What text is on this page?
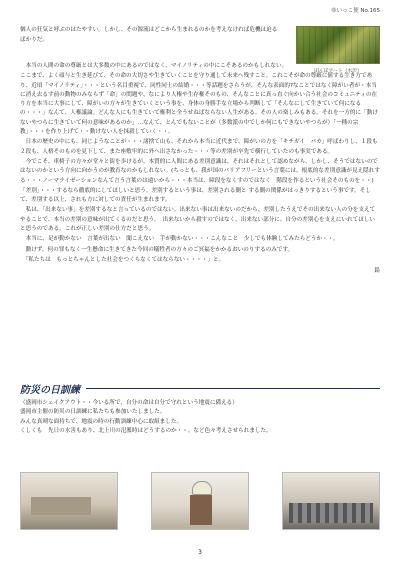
ゆいっこ便 No.165

個人の狂気と呼ぶのはたやすい。しかし、その源流はどこから生まれるのかを考えなければ危機は迫るばかりだ。

田んぼアート（水沢）

　本当の人間の命の尊厳とは大多数の中にあるのではなく、マイノリティの中にこそあるのかもしれない。

ここまで、よく頑与と生き延びて、その命の大切さや生きていくことを守り通して未来へ残すこと。これこそが命の尊厳に値する生き方であり、近頃「マイノリティ」・・・という名目重視で、同性同士の結婚・・・等話題をさらうが、そんな表面的?なことではなく障がい者が・本当に消え去るす前の動物のみならず「命」の問題や、なにより人権や生存権そのもの、そんなことに真っ直ぐ向かい合う社会のコミュニティの在り方を本当に大事にして、障がいの方々が生きていくという事を、身体の身勝手な立場から判断して「そんなにして生きていて何になるの・・・」なんて、人権議論。どんな人にも生きていて権利と全うせねばならない人生がある。その人の楽しみもある。それを一方的に「動けないやつらに生きていて何の意味があるのか」…なんて、とんでもないことが（多数派の中でしか何にもできないやつらが）「一種の宗教」・・・を作り上げて・・動けない人を抹殺していく・・。

　日本の歴史の中にも、同じようなことが・・・諸捨て山も、それから本当に近代まで、障がいの方を「キチガイ　バカ」呼ばわりし、１段も２段も、人格そのものを見下して、また座敷牢的に外へ出さなかった・・・等の差別が卒先で横行していたのも事実である。

　今でこそ、車椅子の方々が堂々と街を歩けるが、本質的に人間にある差別意識は、それはそれとして認めながら、しかし、そうではないのではないのかという方向に向かうのが教育なのかもしれない。(ちっとも、我が国のバリアフリーという言葉には、根底的な差別意識が見え隠れする・・・ノーマライゼーションなんて言う言葉のは遠いから・・・本当は、障段をなくすのではなく　階段を作るという社会そのものを・・)

「差別」・・・するなら徹底的にしてほしいと思う。差別するという事は、差別される側と する側の関係がはっきりするという事です。そして、差別する以上、されも方に対しての責任が生まれます。

　私は、「出来ない事」を差別するなと言っているのではない。出来ない事は出来ないのだから、差別したうえでその出来ない人の分を支えてやることで、本当の差別の意味が出てくるのだと思う。　出来ないから殺すのではなく、出来ない部分に、自分の差別心を支えにいれてほしいと思うのである。これが正しい差別の仕方だと思う。

　本当に、足が動かない　言葉が出ない　聞こえない　手が動かない・・・こんなこと　少しでも体験してみたらどうか・・。

　動けず、何の罪もなく一生懸命に生きてきた今回の犠牲者の方々のご冥福をかかるおいのりするのみです。

　「私たちは　もっとちゃんとした社会をつくらなくてはならない・・・・」と。

鉛
防災の日訓練

（盛岡市シェイクアウト・・今いる所で、自分の命は自分で守れという地震に備える）

盛岡市主催の防災の日訓練に私たちも参加いたしました。

みんな真剣な面持ちで、地震の時の行動訓練中心に取組ました。

くしくも　先日の水害もあり、北上川の氾濫時はどうするのか・・。など色々考えさせられました。

3
